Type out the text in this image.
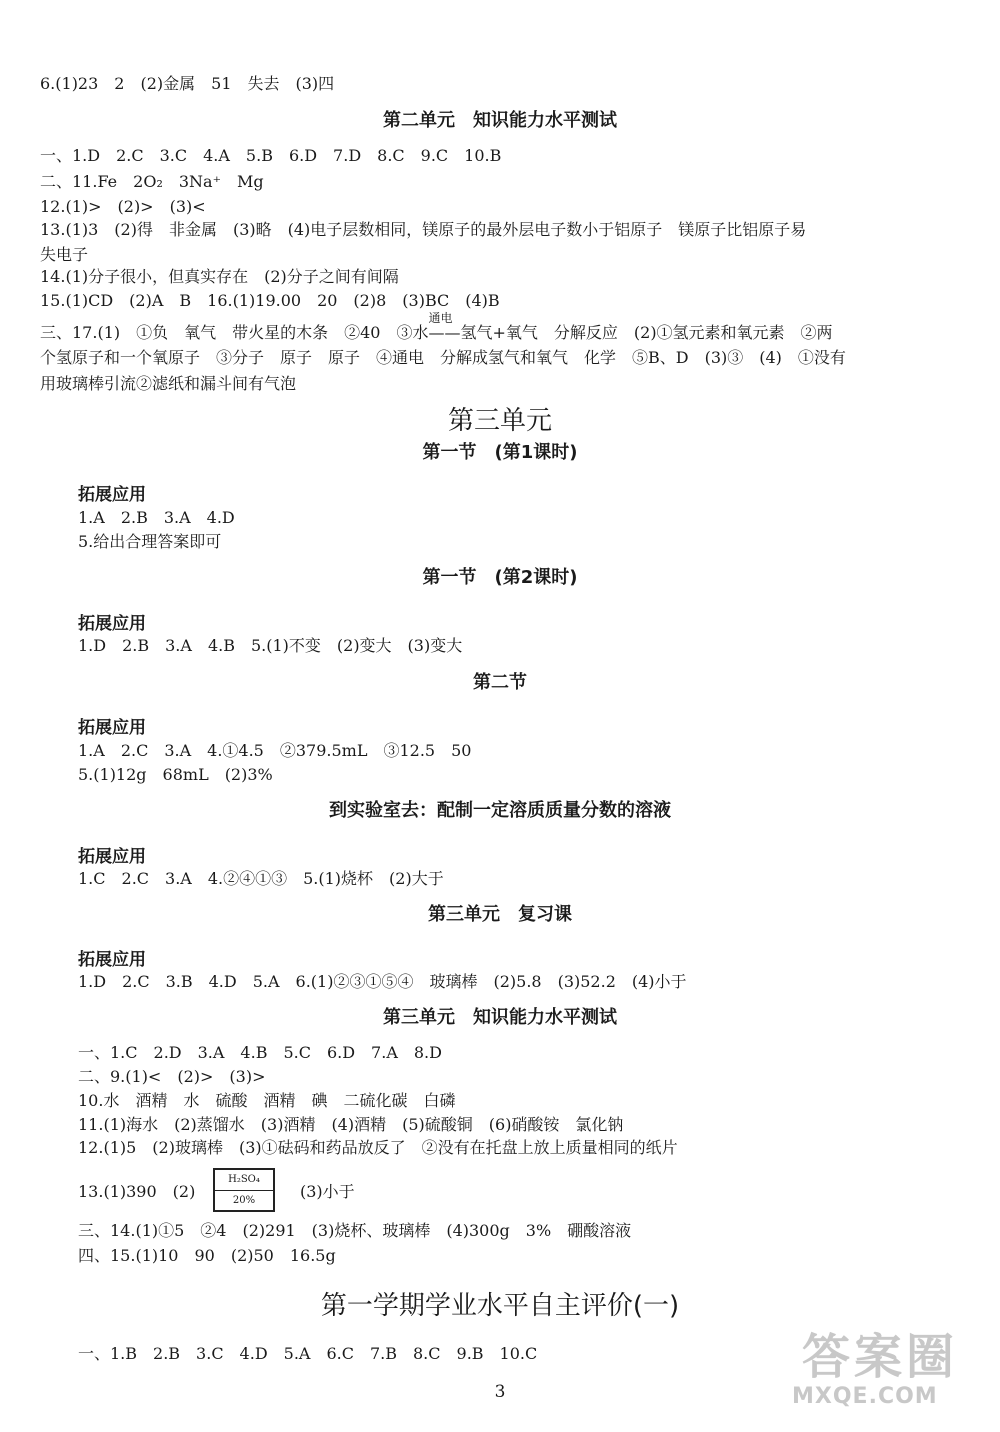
6.(1)23　2　(2)金属　51　失去　(3)四
第二单元　知识能力水平测试
一、1.D　2.C　3.C　4.A　5.B　6.D　7.D　8.C　9.C　10.B
二、11.Fe　2O₂　3Na⁺　Mg
12.(1)>　(2)>　(3)<
13.(1)3　(2)得　非金属　(3)略　(4)电子层数相同，镁原子的最外层电子数小于铝原子　镁原子比铝原子易
失电子
14.(1)分子很小，但真实存在　(2)分子之间有间隔
15.(1)CD　(2)A　B　16.(1)19.00　20　(2)8　(3)BC　(4)B
三、17.(1)　①负　氧气　带火星的木条　②40　③水
通电
——氢气+氧气　分解反应　(2)①氢元素和氧元素　②两
个氢原子和一个氧原子　③分子　原子　原子　④通电　分解成氢气和氧气　化学　⑤B、D　(3)③　(4)　①没有
用玻璃棒引流②滤纸和漏斗间有气泡
第三单元
第一节　(第1课时)
拓展应用
1.A　2.B　3.A　4.D
5.给出合理答案即可
第一节　(第2课时)
拓展应用
1.D　2.B　3.A　4.B　5.(1)不变　(2)变大　(3)变大
第二节
拓展应用
1.A　2.C　3.A　4.①4.5　②379.5mL　③12.5　50
5.(1)12g　68mL　(2)3%
到实验室去：配制一定溶质质量分数的溶液
拓展应用
1.C　2.C　3.A　4.②④①③　5.(1)烧杯　(2)大于
第三单元　复习课
拓展应用
1.D　2.C　3.B　4.D　5.A　6.(1)②③①⑤④　玻璃棒　(2)5.8　(3)52.2　(4)小于
第三单元　知识能力水平测试
一、1.C　2.D　3.A　4.B　5.C　6.D　7.A　8.D
二、9.(1)<　(2)>　(3)>
10.水　酒精　水　硫酸　酒精　碘　二硫化碳　白磷
11.(1)海水　(2)蒸馏水　(3)酒精　(4)酒精　(5)硫酸铜　(6)硝酸铵　氯化钠
12.(1)5　(2)玻璃棒　(3)①砝码和药品放反了　②没有在托盘上放上质量相同的纸片
13.(1)390　(2)
H₂SO₄
20%	(3)小于
三、14.(1)①5　②4　(2)291　(3)烧杯、玻璃棒　(4)300g　3%　硼酸溶液
四、15.(1)10　90　(2)50　16.5g
第一学期学业水平自主评价(一)
一、1.B　2.B　3.C　4.D　5.A　6.C　7.B　8.C　9.B　10.C
3
答案圈
MXQE.COM
